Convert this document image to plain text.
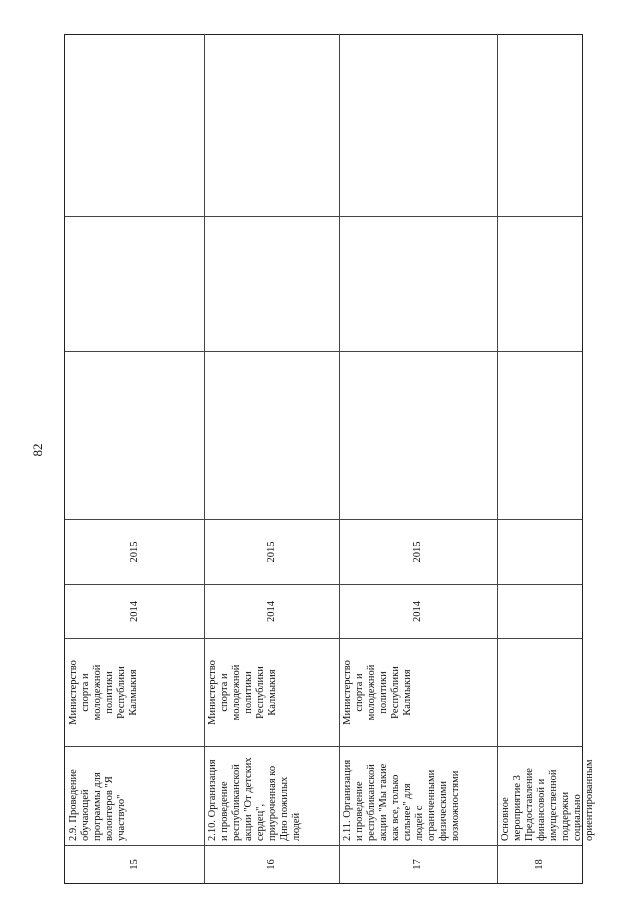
82
15
2.9. Проведение
обучающей
программы для
волонтеров "Я
участвую"
Министерство
спорта и
молодежной
политики
Республики
Калмыкия
2014
2015
16
2.10. Организация
и проведение
республиканской
акции "От детских
сердец",
приуроченная ко
Дню пожилых
людей
Министерство
спорта и
молодежной
политики
Республики
Калмыкия
2014
2015
17
2.11. Организация
и проведение
республиканской
акции "Мы такие
как все, только
сильнее" для
людей с
ограниченными
физическими
возможностями
Министерство
спорта и
молодежной
политики
Республики
Калмыкия
2014
2015
18
Основное
мероприятие 3
Предоставление
финансовой и
имущественной
поддержки
социально
ориентированным
